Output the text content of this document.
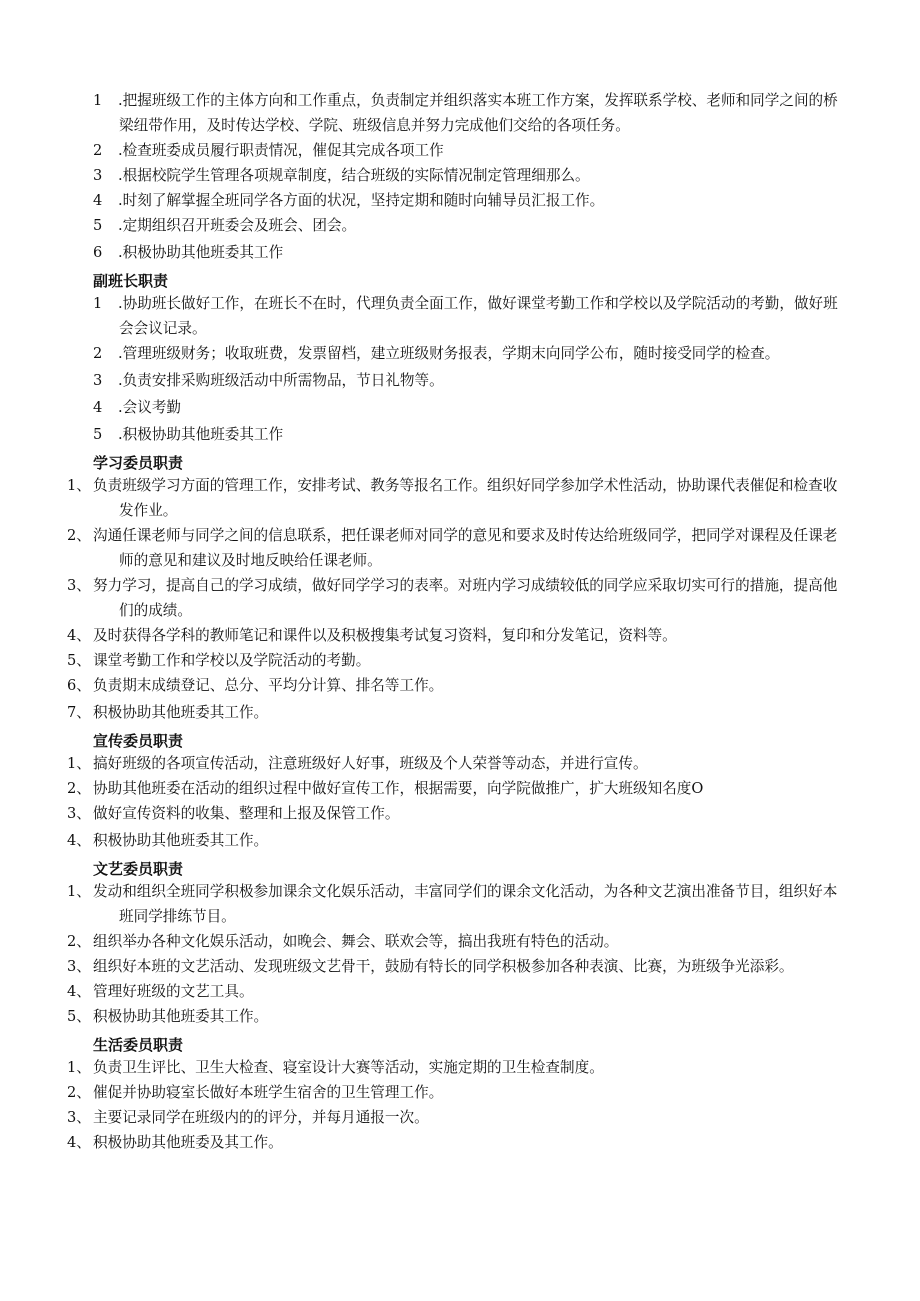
1 .把握班级工作的主体方向和工作重点，负责制定并组织落实本班工作方案，发挥联系学校、老师和同学之间的桥梁纽带作用，及时传达学校、学院、班级信息并努力完成他们交给的各项任务。
2 .检查班委成员履行职责情况，催促其完成各项工作
3 .根据校院学生管理各项规章制度，结合班级的实际情况制定管理细那么。
4 .时刻了解掌握全班同学各方面的状况，坚持定期和随时向辅导员汇报工作。
5 .定期组织召开班委会及班会、团会。
6 .积极协助其他班委其工作
副班长职责
1 .协助班长做好工作，在班长不在时，代理负责全面工作，做好课堂考勤工作和学校以及学院活动的考勤，做好班会会议记录。
2 .管理班级财务；收取班费，发票留档，建立班级财务报表，学期末向同学公布，随时接受同学的检查。
3 .负责安排采购班级活动中所需物品，节日礼物等。
4 .会议考勤
5 .积极协助其他班委其工作
学习委员职责
1、 负责班级学习方面的管理工作，安排考试、教务等报名工作。组织好同学参加学术性活动，协助课代表催促和检查收发作业。
2、 沟通任课老师与同学之间的信息联系，把任课老师对同学的意见和要求及时传达给班级同学，把同学对课程及任课老师的意见和建议及时地反映给任课老师。
3、 努力学习，提高自己的学习成绩，做好同学学习的表率。对班内学习成绩较低的同学应采取切实可行的措施，提高他们的成绩。
4、 及时获得各学科的教师笔记和课件以及积极搜集考试复习资料，复印和分发笔记，资料等。
5、 课堂考勤工作和学校以及学院活动的考勤。
6、 负责期末成绩登记、总分、平均分计算、排名等工作。
7、 积极协助其他班委其工作。
宣传委员职责
1、 搞好班级的各项宣传活动，注意班级好人好事，班级及个人荣誉等动态，并进行宣传。
2、 协助其他班委在活动的组织过程中做好宣传工作，根据需要，向学院做推广，扩大班级知名度O
3、 做好宣传资料的收集、整理和上报及保管工作。
4、 积极协助其他班委其工作。
文艺委员职责
1、 发动和组织全班同学积极参加课余文化娱乐活动，丰富同学们的课余文化活动，为各种文艺演出准备节目，组织好本班同学排练节目。
2、 组织举办各种文化娱乐活动，如晚会、舞会、联欢会等，搞出我班有特色的活动。
3、 组织好本班的文艺活动、发现班级文艺骨干，鼓励有特长的同学积极参加各种表演、比赛，为班级争光添彩。
4、 管理好班级的文艺工具。
5、 积极协助其他班委其工作。
生活委员职责
1、 负责卫生评比、卫生大检查、寝室设计大赛等活动，实施定期的卫生检查制度。
2、 催促并协助寝室长做好本班学生宿舍的卫生管理工作。
3、 主要记录同学在班级内的的评分，并每月通报一次。
4、 积极协助其他班委及其工作。
